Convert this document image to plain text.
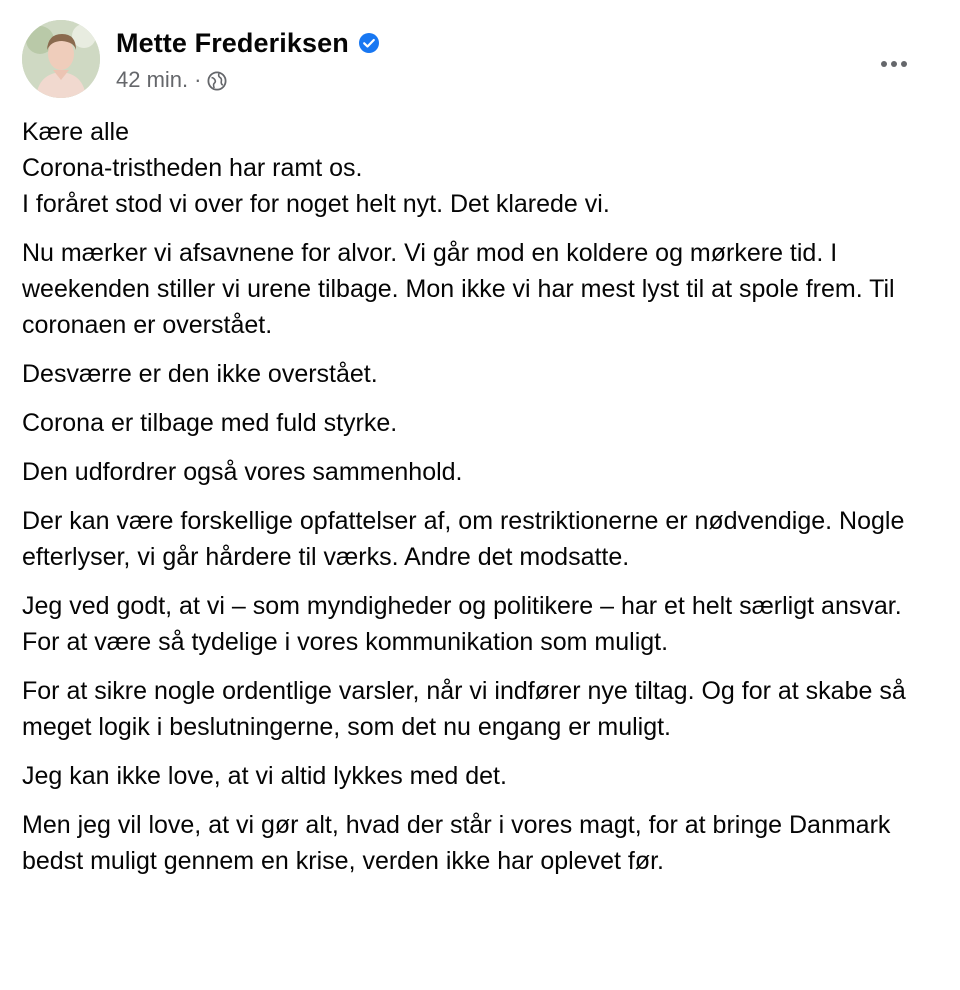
Mette Frederiksen
42 min. ·

Kære alle
Corona-tristheden har ramt os.
I foråret stod vi over for noget helt nyt. Det klarede vi.

Nu mærker vi afsavnene for alvor. Vi går mod en koldere og mørkere tid. I weekenden stiller vi urene tilbage. Mon ikke vi har mest lyst til at spole frem. Til coronaen er overstået.

Desværre er den ikke overstået.

Corona er tilbage med fuld styrke.

Den udfordrer også vores sammenhold.

Der kan være forskellige opfattelser af, om restriktionerne er nødvendige. Nogle efterlyser, vi går hårdere til værks. Andre det modsatte.

Jeg ved godt, at vi – som myndigheder og politikere – har et helt særligt ansvar. For at være så tydelige i vores kommunikation som muligt.

For at sikre nogle ordentlige varsler, når vi indfører nye tiltag. Og for at skabe så meget logik i beslutningerne, som det nu engang er muligt.

Jeg kan ikke love, at vi altid lykkes med det.

Men jeg vil love, at vi gør alt, hvad der står i vores magt, for at bringe Danmark bedst muligt gennem en krise, verden ikke har oplevet før.
